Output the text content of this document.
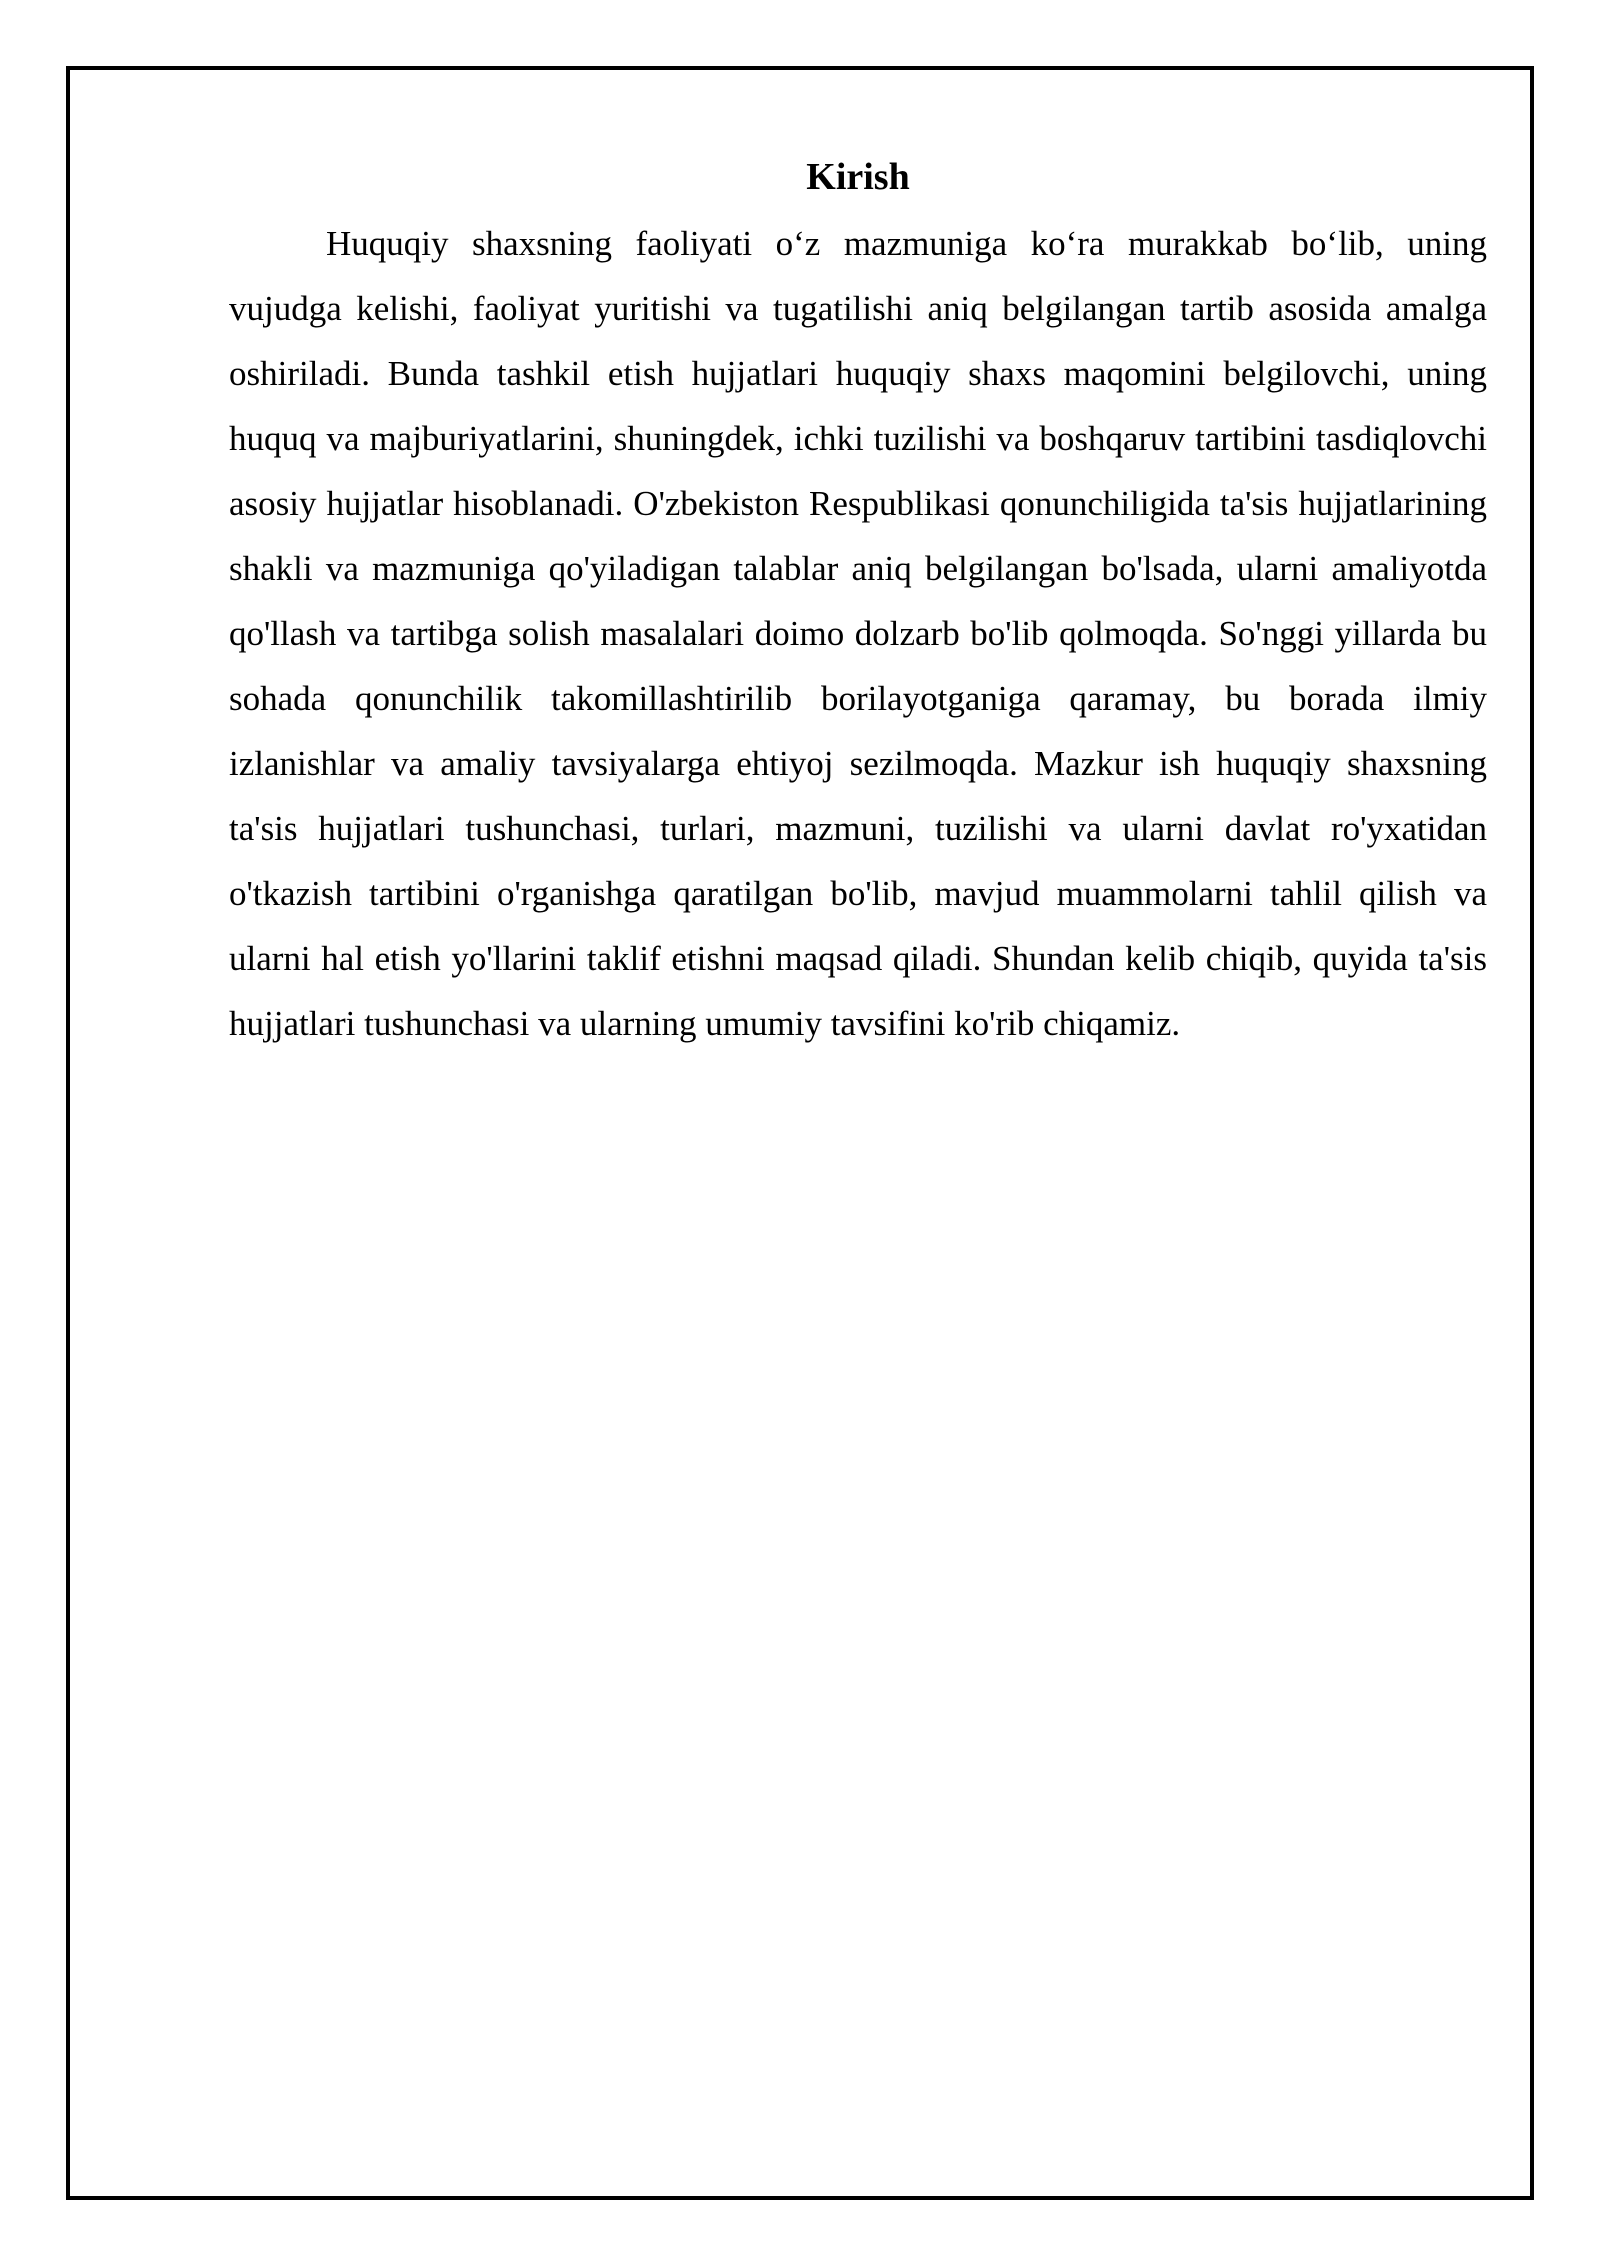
Kirish

Huquqiy shaxsning faoliyati o‘z mazmuniga ko‘ra murakkab bo‘lib, uning vujudga kelishi, faoliyat yuritishi va tugatilishi aniq belgilangan tartib asosida amalga oshiriladi. Bunda tashkil etish hujjatlari huquqiy shaxs maqomini belgilovchi, uning huquq va majburiyatlarini, shuningdek, ichki tuzilishi va boshqaruv tartibini tasdiqlovchi asosiy hujjatlar hisoblanadi. O'zbekiston Respublikasi qonunchiligida ta'sis hujjatlarining shakli va mazmuniga qo'yiladigan talablar aniq belgilangan bo'lsada, ularni amaliyotda qo'llash va tartibga solish masalalari doimo dolzarb bo'lib qolmoqda. So'nggi yillarda bu sohada qonunchilik takomillashtirilib borilayotganiga qaramay, bu borada ilmiy izlanishlar va amaliy tavsiyalarga ehtiyoj sezilmoqda. Mazkur ish huquqiy shaxsning ta'sis hujjatlari tushunchasi, turlari, mazmuni, tuzilishi va ularni davlat ro'yxatidan o'tkazish tartibini o'rganishga qaratilgan bo'lib, mavjud muammolarni tahlil qilish va ularni hal etish yo'llarini taklif etishni maqsad qiladi. Shundan kelib chiqib, quyida ta'sis hujjatlari tushunchasi va ularning umumiy tavsifini ko'rib chiqamiz.
